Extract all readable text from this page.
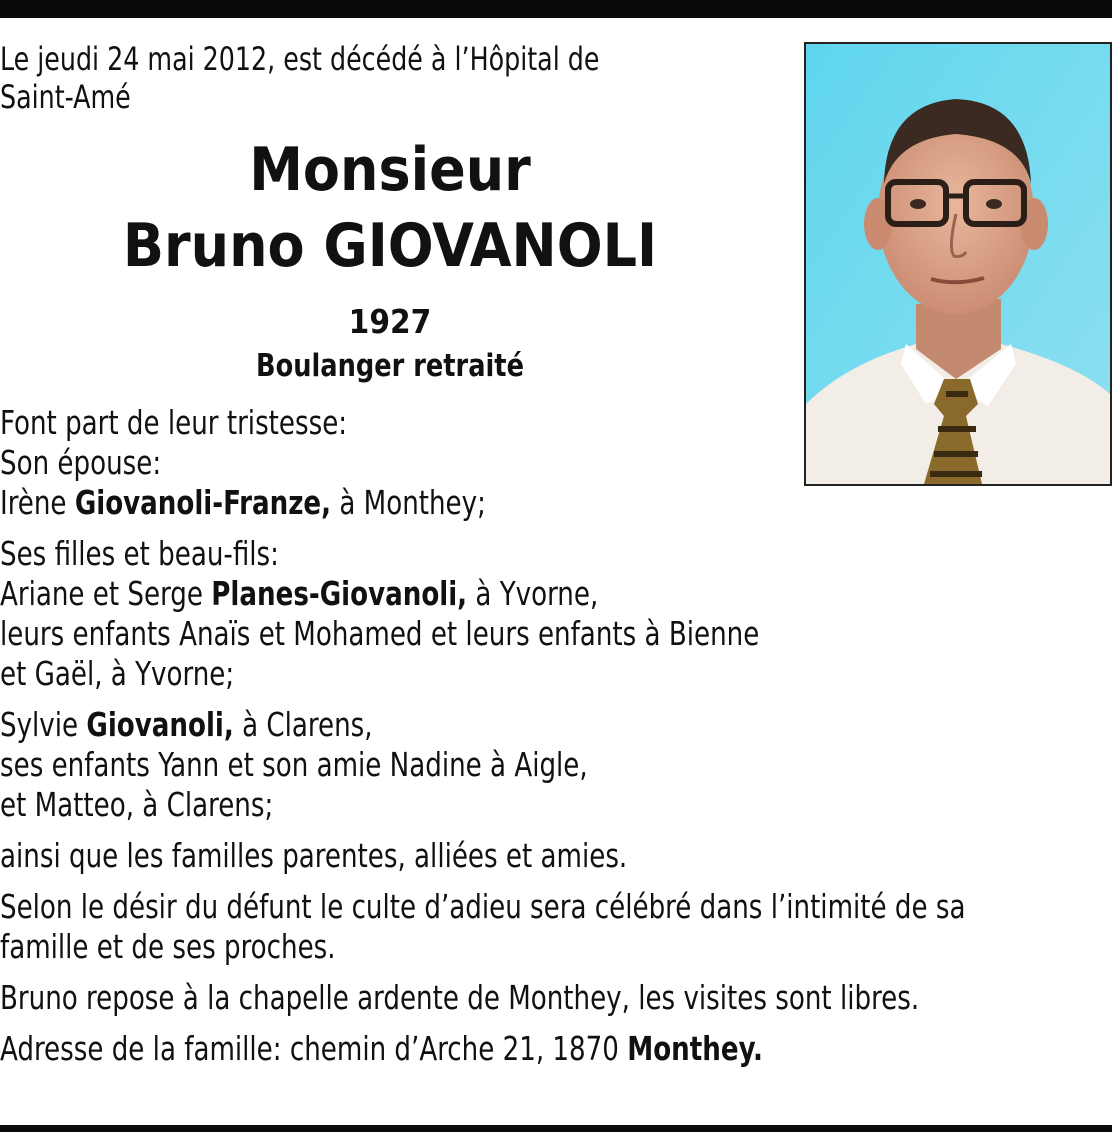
Le jeudi 24 mai 2012, est décédé à l’Hôpital de
Saint-Amé
Monsieur
Bruno GIOVANOLI
1927
Boulanger retraité
Font part de leur tristesse:
Son épouse:
Irène Giovanoli-Franze, à Monthey;
Ses filles et beau-fils:
Ariane et Serge Planes-Giovanoli, à Yvorne,
leurs enfants Anaïs et Mohamed et leurs enfants à Bienne
et Gaël, à Yvorne;
Sylvie Giovanoli, à Clarens,
ses enfants Yann et son amie Nadine à Aigle,
et Matteo, à Clarens;
ainsi que les familles parentes, alliées et amies.
Selon le désir du défunt le culte d’adieu sera célébré dans l’intimité de sa
famille et de ses proches.
Bruno repose à la chapelle ardente de Monthey, les visites sont libres.
Adresse de la famille: chemin d’Arche 21, 1870 Monthey.
